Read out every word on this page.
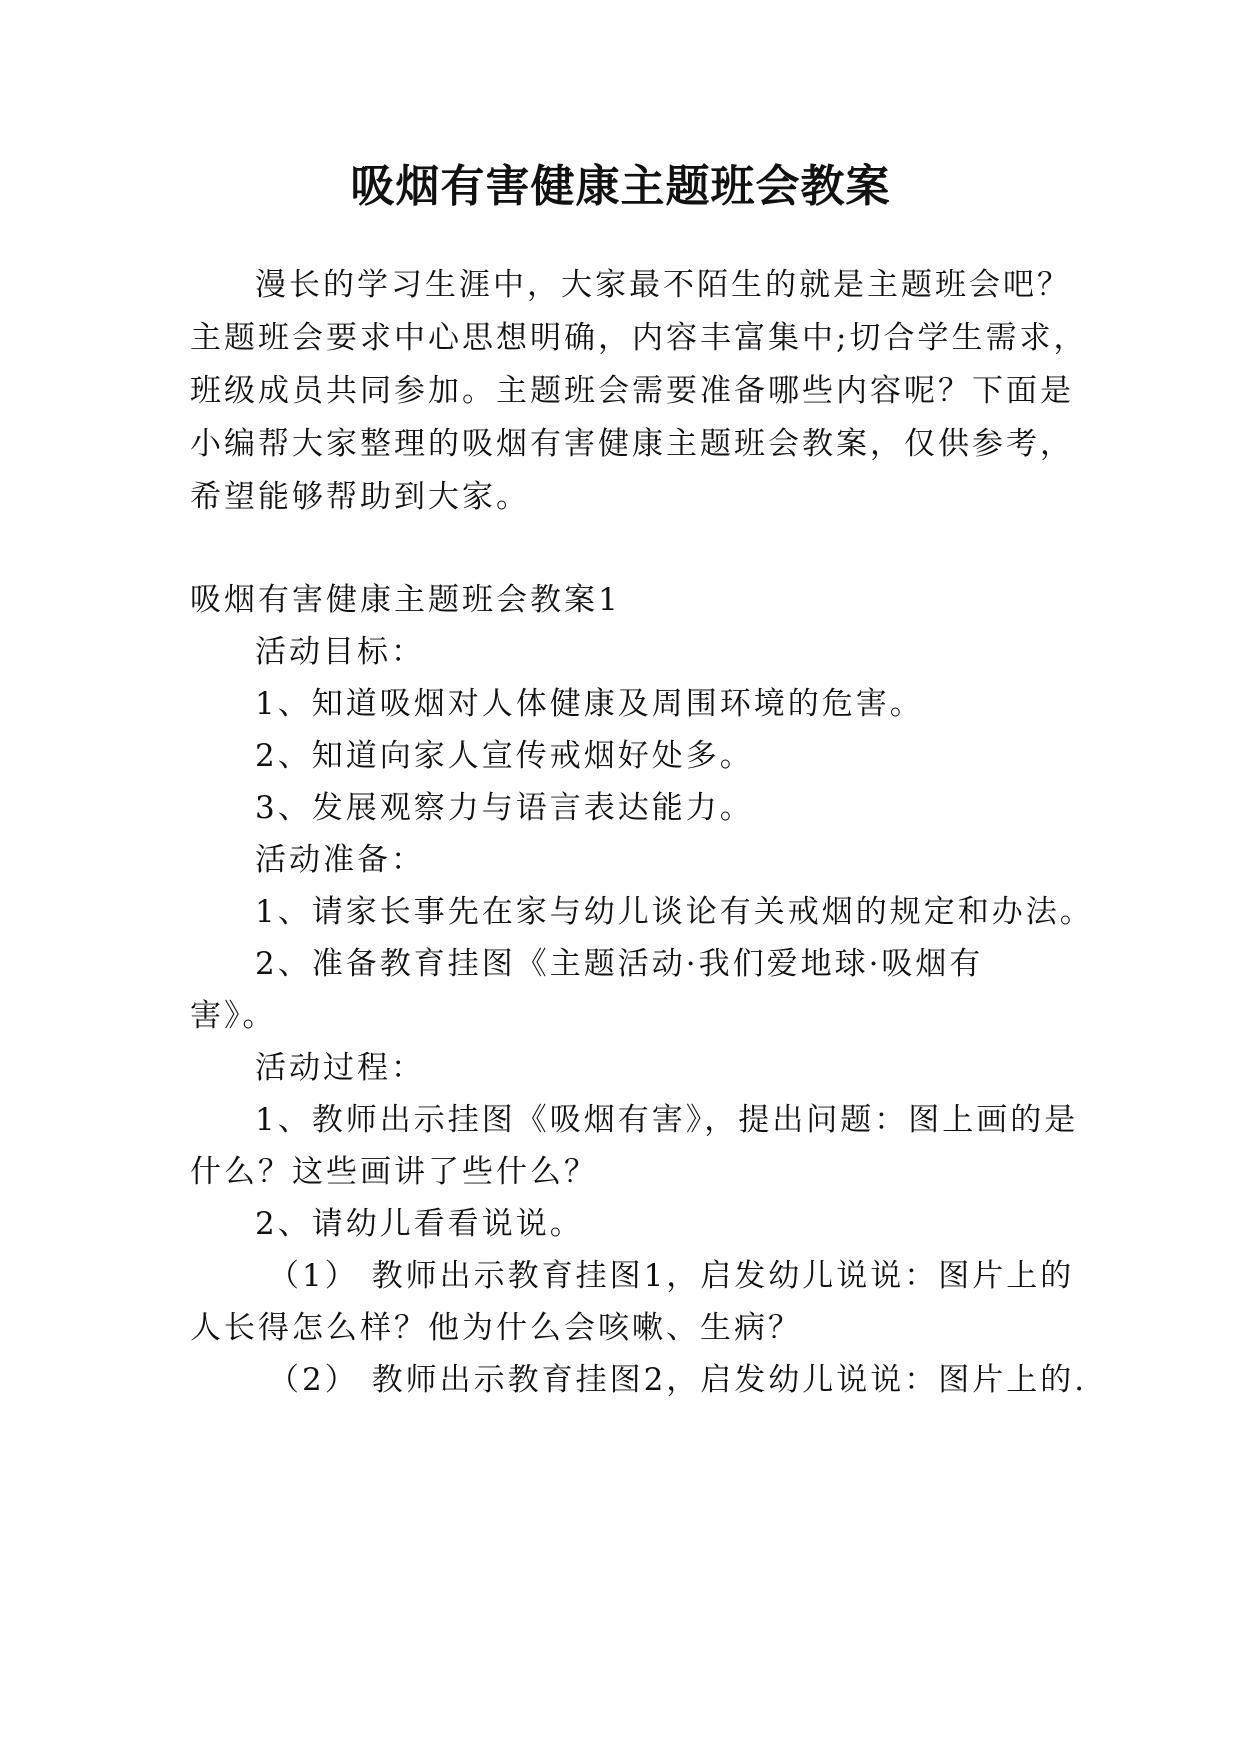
吸烟有害健康主题班会教案
漫长的学习生涯中，大家最不陌生的就是主题班会吧？
主题班会要求中心思想明确，内容丰富集中;切合学生需求，
班级成员共同参加。主题班会需要准备哪些内容呢？下面是
小编帮大家整理的吸烟有害健康主题班会教案，仅供参考，
希望能够帮助到大家。
吸烟有害健康主题班会教案1
活动目标：
1、知道吸烟对人体健康及周围环境的危害。
2、知道向家人宣传戒烟好处多。
3、发展观察力与语言表达能力。
活动准备：
1、请家长事先在家与幼儿谈论有关戒烟的规定和办法。
2、准备教育挂图《主题活动·我们爱地球·吸烟有
害》。
活动过程：
1、教师出示挂图《吸烟有害》，提出问题：图上画的是
什么？这些画讲了些什么？
2、请幼儿看看说说。
（1） 教师出示教育挂图1，启发幼儿说说：图片上的
人长得怎么样？他为什么会咳嗽、生病？
（2） 教师出示教育挂图2，启发幼儿说说：图片上的.
